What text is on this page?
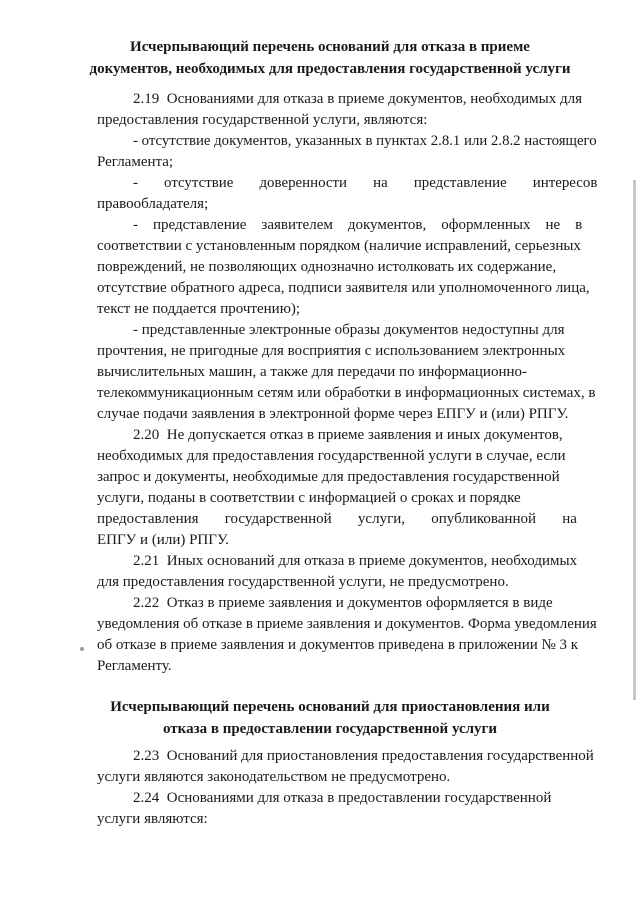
Исчерпывающий перечень оснований для отказа в приеме
документов, необходимых для предоставления государственной услуги
2.19  Основаниями для отказа в приеме документов, необходимых для
предоставления государственной услуги, являются:
- отсутствие документов, указанных в пунктах 2.8.1 или 2.8.2 настоящего
Регламента;
-       отсутствие       доверенности       на       представление       интересов
правообладателя;
-    представление    заявителем    документов,    оформленных    не    в
соответствии с установленным порядком (наличие исправлений, серьезных
повреждений, не позволяющих однозначно истолковать их содержание,
отсутствие обратного адреса, подписи заявителя или уполномоченного лица,
текст не поддается прочтению);
- представленные электронные образы документов недоступны для
прочтения, не пригодные для восприятия с использованием электронных
вычислительных машин, а также для передачи по информационно-
телекоммуникационным сетям или обработки в информационных системах, в
случае подачи заявления в электронной форме через ЕПГУ и (или) РПГУ.
2.20  Не допускается отказ в приеме заявления и иных документов,
необходимых для предоставления государственной услуги в случае, если
запрос и документы, необходимые для предоставления государственной
услуги, поданы в соответствии с информацией о сроках и порядке
предоставления       государственной       услуги,       опубликованной       на
ЕПГУ и (или) РПГУ.
2.21  Иных оснований для отказа в приеме документов, необходимых
для предоставления государственной услуги, не предусмотрено.
2.22  Отказ в приеме заявления и документов оформляется в виде
уведомления об отказе в приеме заявления и документов. Форма уведомления
об отказе в приеме заявления и документов приведена в приложении № 3 к
Регламенту.
Исчерпывающий перечень оснований для приостановления или
отказа в предоставлении государственной услуги
2.23  Оснований для приостановления предоставления государственной
услуги являются законодательством не предусмотрено.
2.24  Основаниями для отказа в предоставлении государственной
услуги являются:
